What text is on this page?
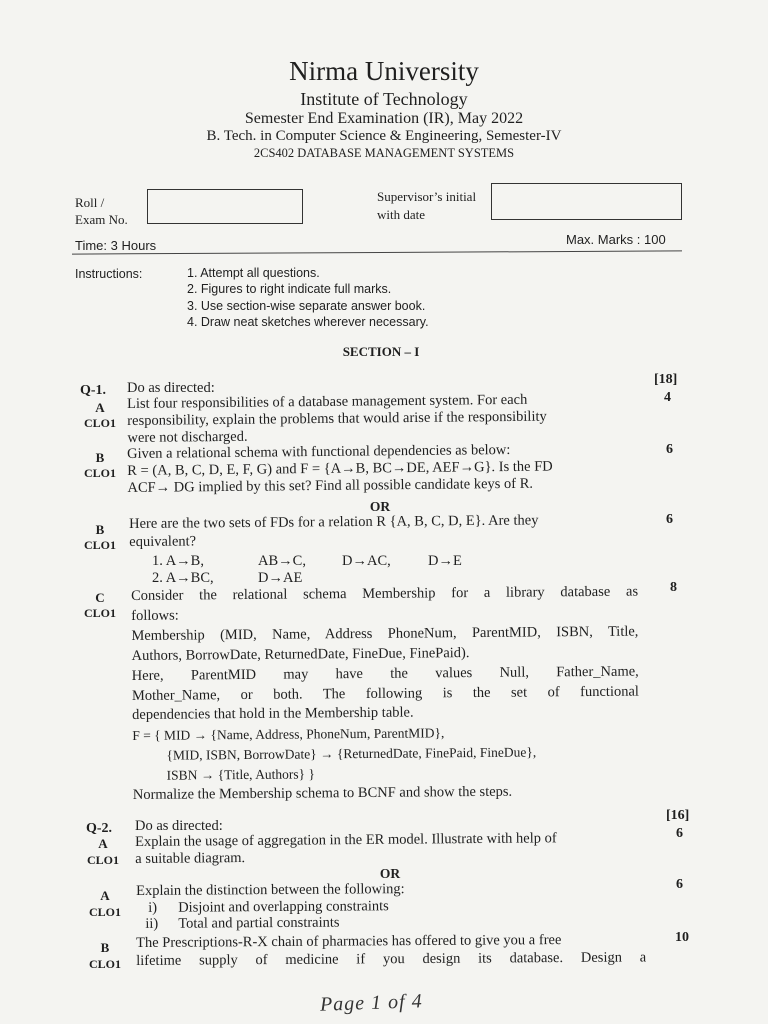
Nirma University
Institute of Technology
Semester End Examination (IR), May 2022
B. Tech. in Computer Science & Engineering, Semester-IV
2CS402 DATABASE MANAGEMENT SYSTEMS
Roll /
Exam No.
Supervisor’s initial
with date
Time: 3 Hours	Max. Marks : 100
Instructions:	1. Attempt all questions.
2. Figures to right indicate full marks.
3. Use section-wise separate answer book.
4. Draw neat sketches wherever necessary.
SECTION – I
Q-1. Do as directed:
[18]
A
CLO1
4
List four responsibilities of a database management system. For each
responsibility, explain the problems that would arise if the responsibility
were not discharged.
B
CLO1
6
Given a relational schema with functional dependencies as below:
R = (A, B, C, D, E, F, G) and F = {A→B, BC→DE, AEF→G}. Is the FD
ACF→ DG implied by this set? Find all possible candidate keys of R.
OR
B
CLO1
6
Here are the two sets of FDs for a relation R {A, B, C, D, E}. Are they
equivalent?
1. A→B,	AB→C, D→AC,	D→E
2. A→BC,	D→AE
C
CLO1
8
Consider the relational schema Membership for a library database as
follows:
Membership (MID, Name, Address PhoneNum, ParentMID, ISBN, Title,
Authors, BorrowDate, ReturnedDate, FineDue, FinePaid).
Here, ParentMID may have the values Null, Father_Name,
Mother_Name, or both. The following is the set of functional
dependencies that hold in the Membership table.
F = { MID → {Name, Address, PhoneNum, ParentMID},
{MID, ISBN, BorrowDate} → {ReturnedDate, FinePaid, FineDue},
ISBN → {Title, Authors} }
Normalize the Membership schema to BCNF and show the steps.
Q-2. Do as directed:
[16]
A
CLO1
6
Explain the usage of aggregation in the ER model. Illustrate with help of
a suitable diagram.
OR
A
CLO1
6
Explain the distinction between the following:
i) Disjoint and overlapping constraints
ii) Total and partial constraints
B
CLO1
10
The Prescriptions-R-X chain of pharmacies has offered to give you a free
lifetime supply of medicine if you design its database. Design a
Page 1 of 4
